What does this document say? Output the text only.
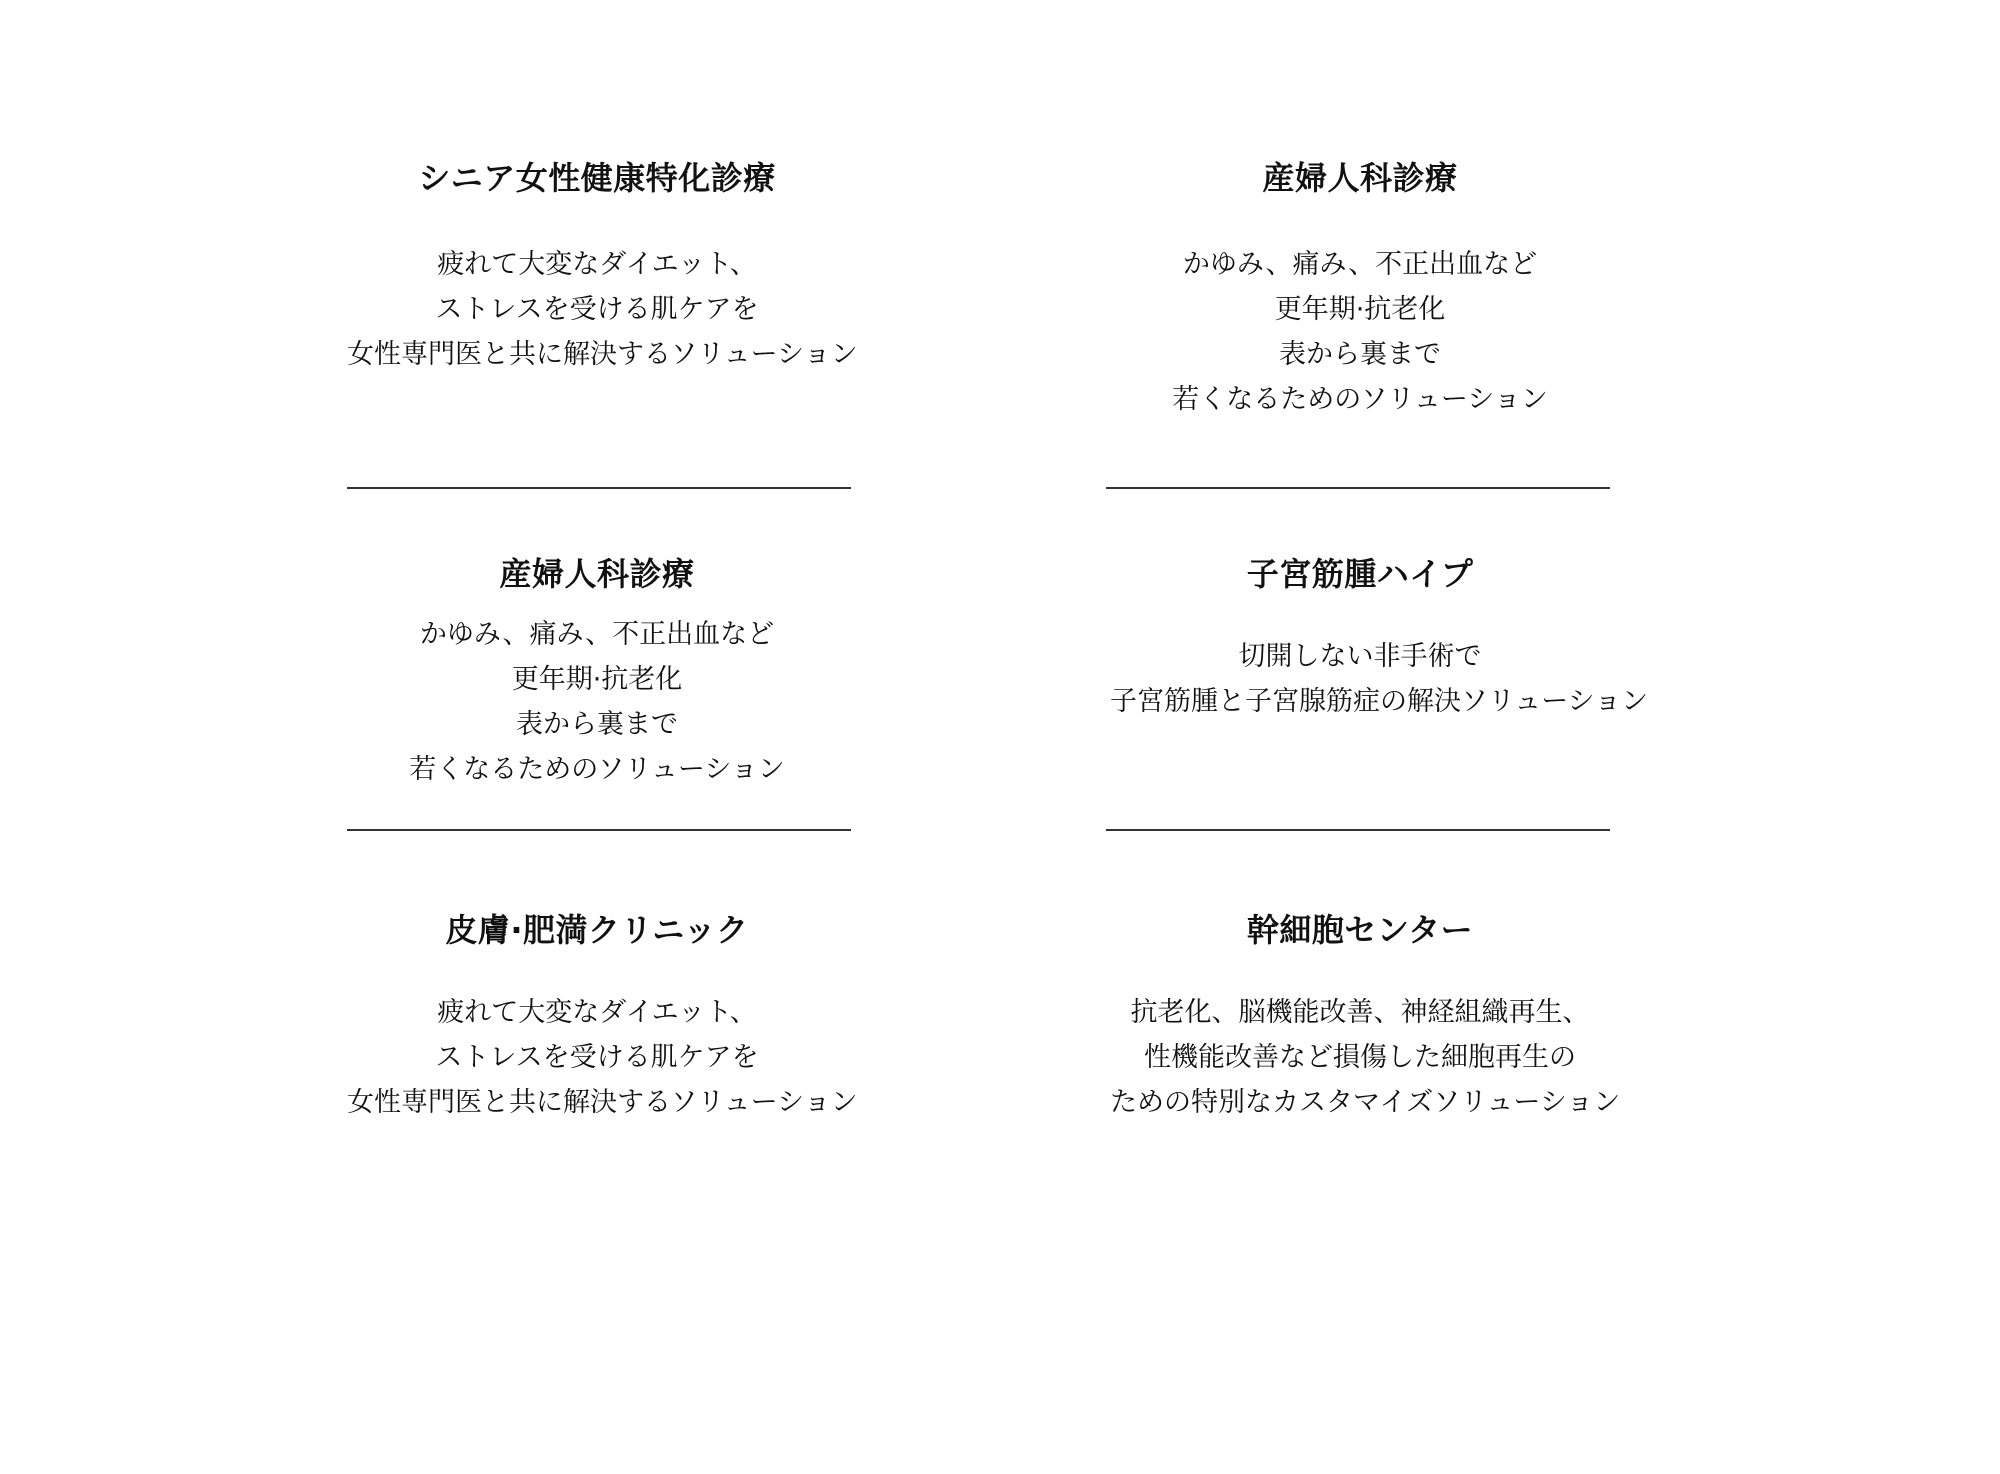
シニア女性健康特化診療
疲れて大変なダイエット、
ストレスを受ける肌ケアを
女性専門医と共に解決するソリューション
産婦人科診療
かゆみ、痛み、不正出血など
更年期·抗老化
表から裏まで
若くなるためのソリューション
産婦人科診療
かゆみ、痛み、不正出血など
更年期·抗老化
表から裏まで
若くなるためのソリューション
子宮筋腫ハイプ
切開しない非手術で
子宮筋腫と子宮腺筋症の解決ソリューション
皮膚·肥満クリニック
疲れて大変なダイエット、
ストレスを受ける肌ケアを
女性専門医と共に解決するソリューション
幹細胞センター
抗老化、脳機能改善、神経組織再生、
性機能改善など損傷した細胞再生の
ための特別なカスタマイズソリューション
